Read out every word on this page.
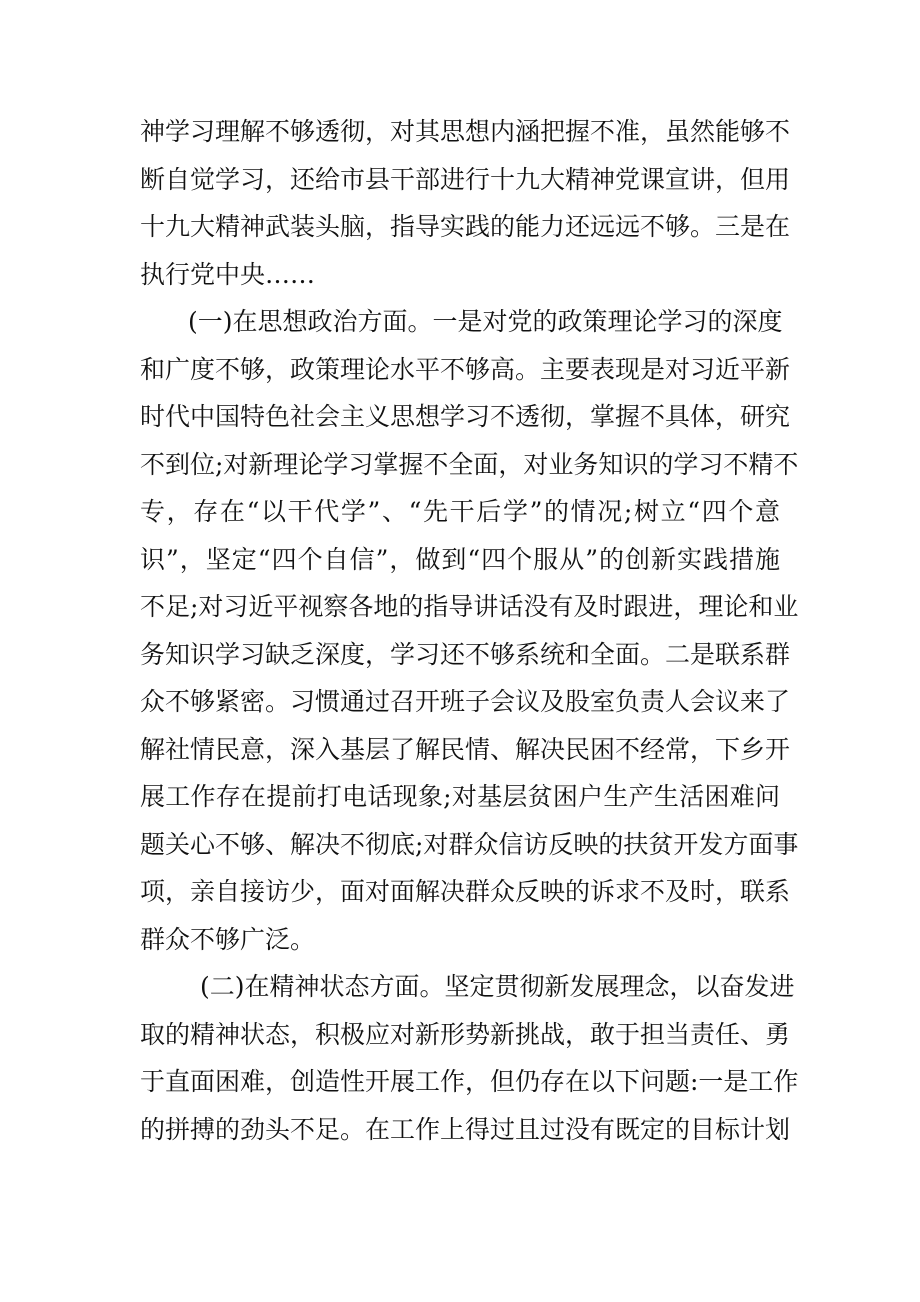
神学习理解不够透彻，对其思想内涵把握不准，虽然能够不
断自觉学习，还给市县干部进行十九大精神党课宣讲，但用
十九大精神武装头脑，指导实践的能力还远远不够。三是在
执行党中央……
(一)在思想政治方面。一是对党的政策理论学习的深度
和广度不够，政策理论水平不够高。主要表现是对习近平新
时代中国特色社会主义思想学习不透彻，掌握不具体，研究
不到位;对新理论学习掌握不全面，对业务知识的学习不精不
专，存在“以干代学”、“先干后学”的情况;树立“四个意
识”，坚定“四个自信”，做到“四个服从”的创新实践措施
不足;对习近平视察各地的指导讲话没有及时跟进，理论和业
务知识学习缺乏深度，学习还不够系统和全面。二是联系群
众不够紧密。习惯通过召开班子会议及股室负责人会议来了
解社情民意，深入基层了解民情、解决民困不经常，下乡开
展工作存在提前打电话现象;对基层贫困户生产生活困难问
题关心不够、解决不彻底;对群众信访反映的扶贫开发方面事
项，亲自接访少，面对面解决群众反映的诉求不及时，联系
群众不够广泛。
(二)在精神状态方面。坚定贯彻新发展理念，以奋发进
取的精神状态，积极应对新形势新挑战，敢于担当责任、勇
于直面困难，创造性开展工作，但仍存在以下问题:一是工作
的拼搏的劲头不足。在工作上得过且过没有既定的目标计划
